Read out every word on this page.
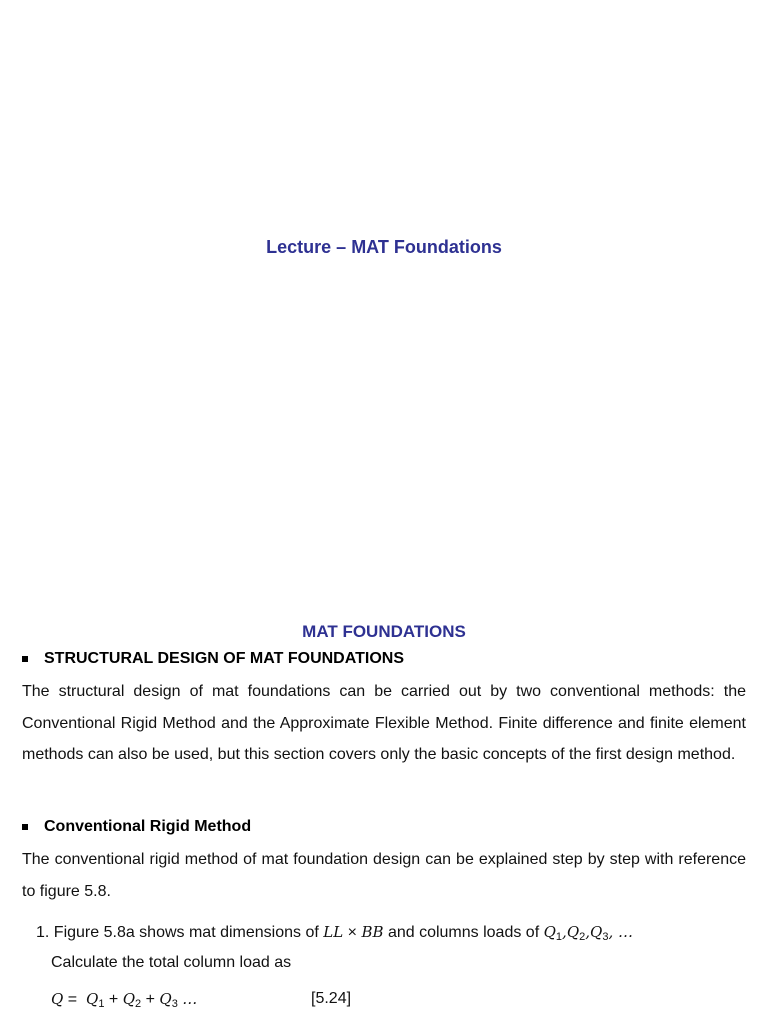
Lecture – MAT Foundations
MAT FOUNDATIONS
STRUCTURAL DESIGN OF MAT FOUNDATIONS
The structural design of mat foundations can be carried out by two conventional methods: the Conventional Rigid Method and the Approximate Flexible Method. Finite difference and finite element methods can also be used, but this section covers only the basic concepts of the first design method.
Conventional Rigid Method
The conventional rigid method of mat foundation design can be explained step by step with reference to figure 5.8.
1. Figure 5.8a shows mat dimensions of LL × BB and columns loads of $Q_1,Q_2,Q_3$, …
Calculate the total column load as
$Q = Q_1 + Q_2 + Q_3$ …	[5.24]
